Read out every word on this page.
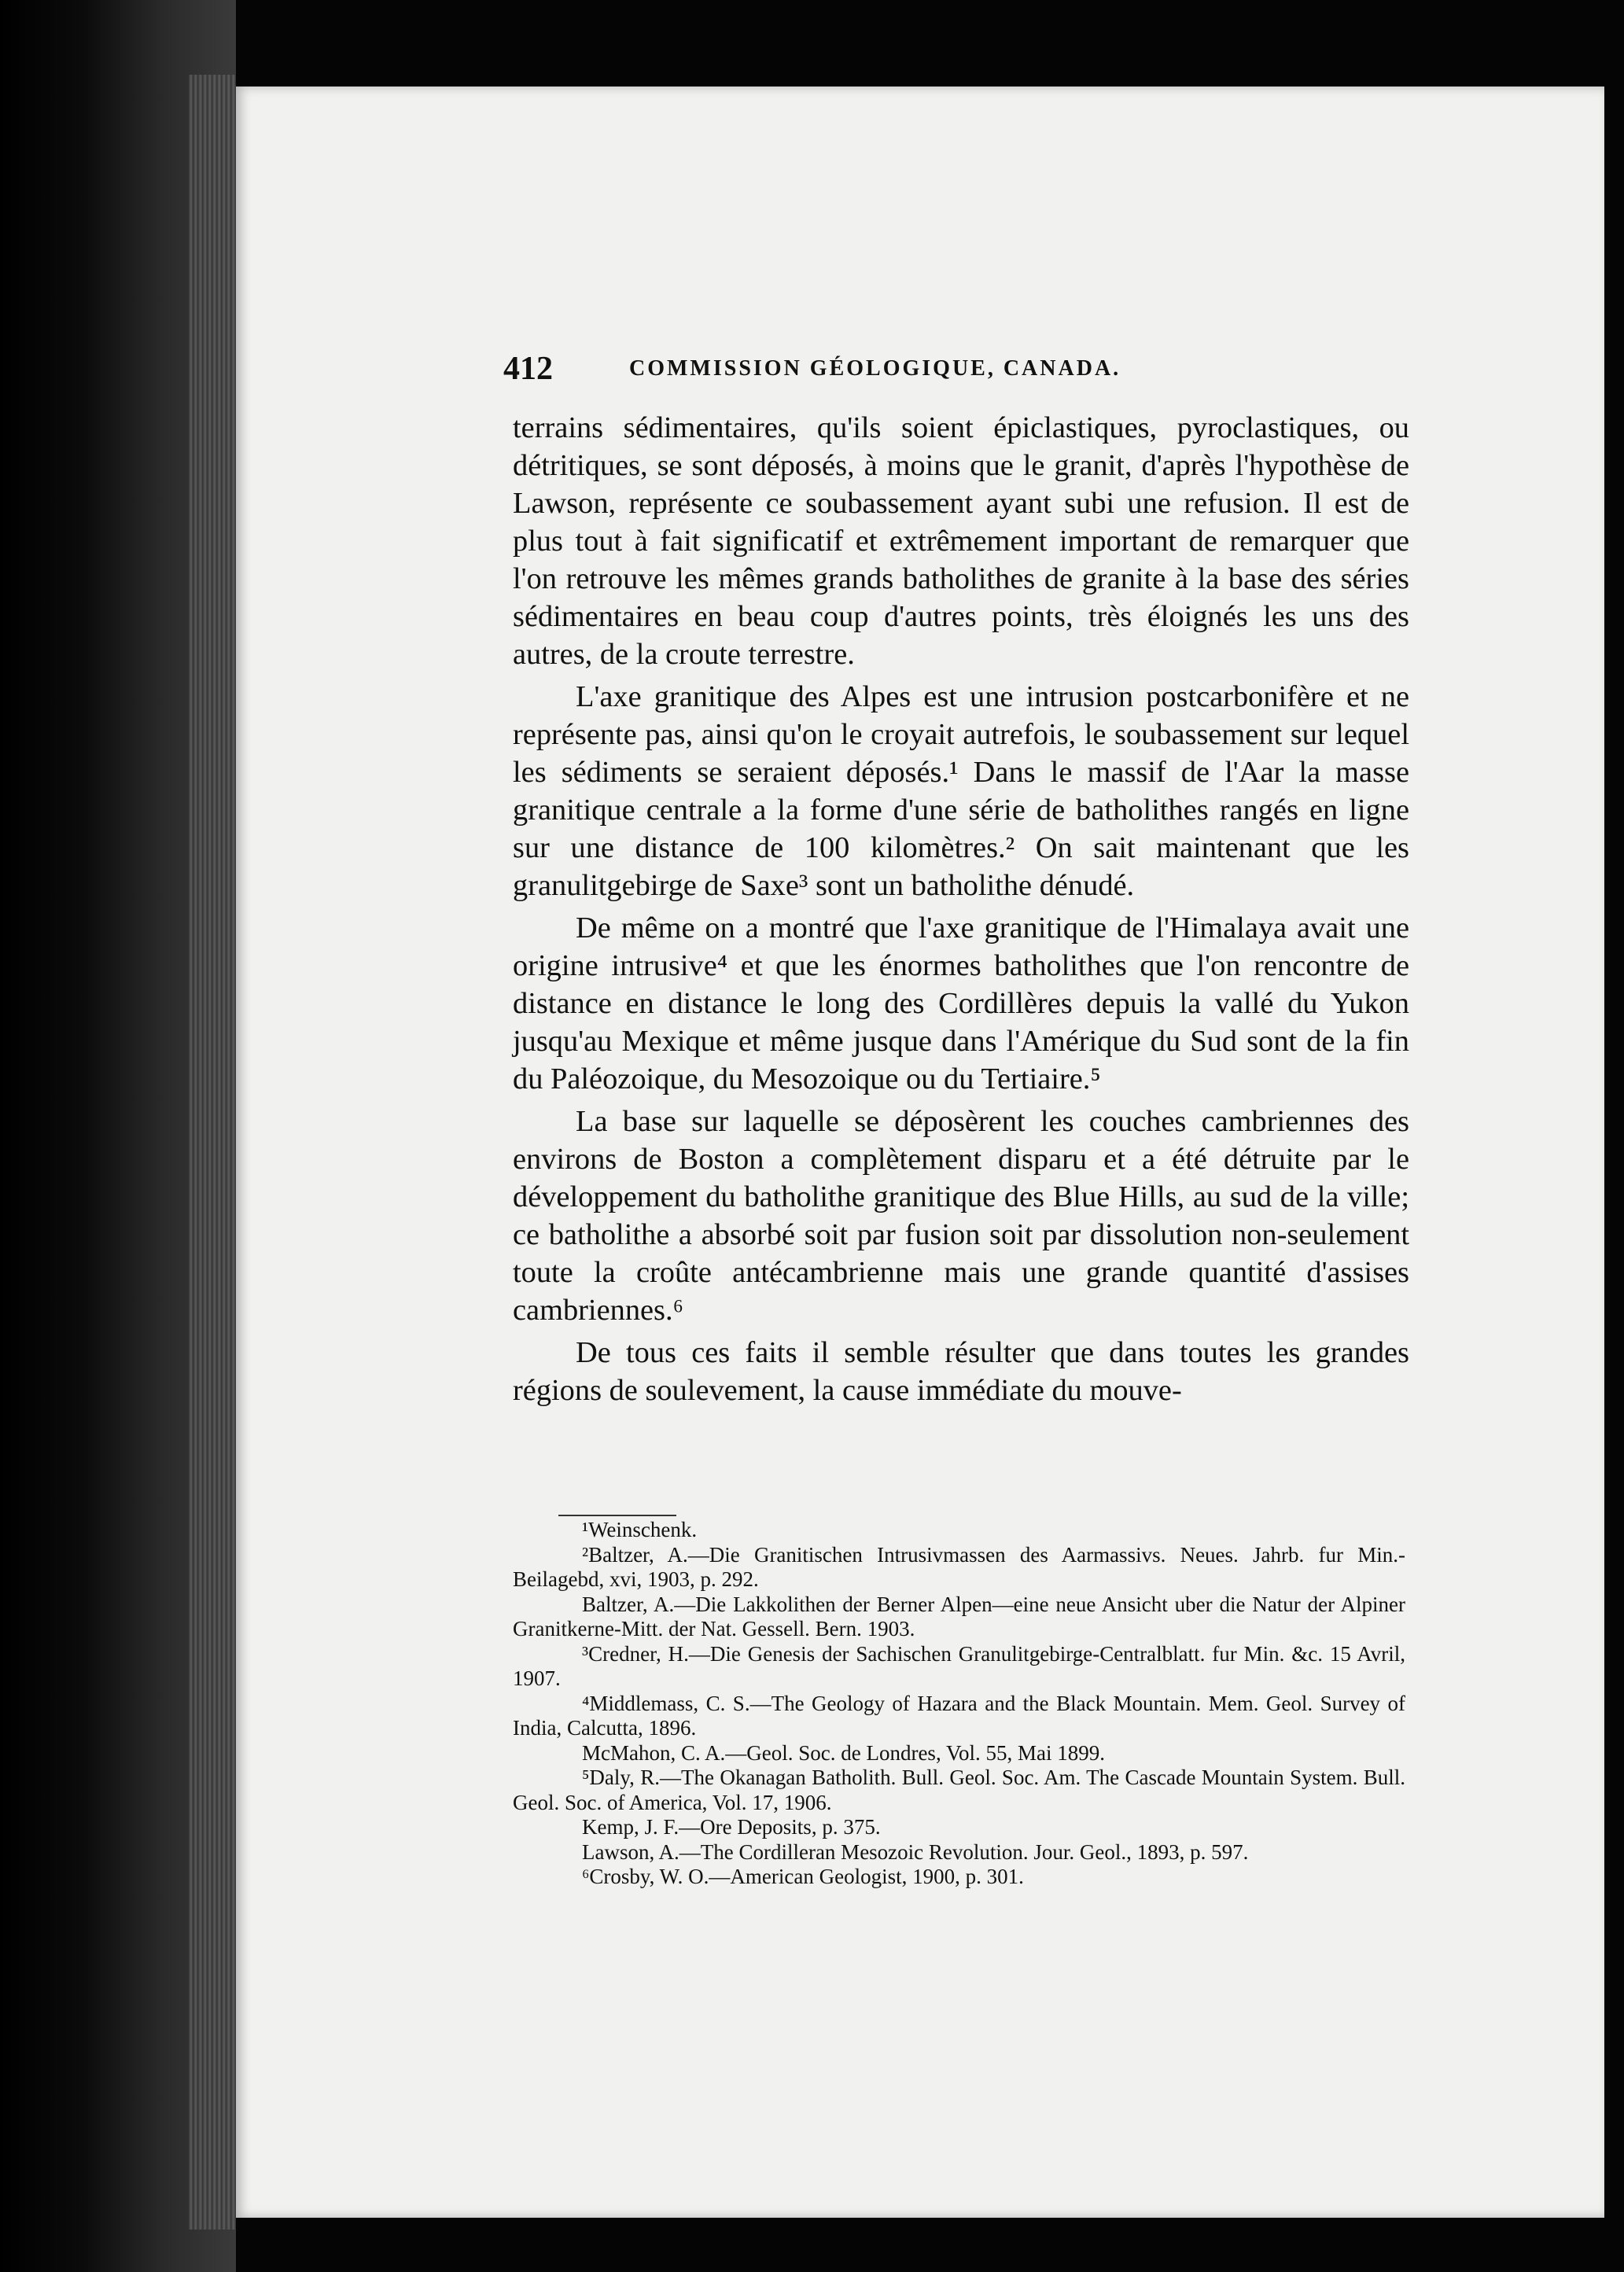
412	COMMISSION GÉOLOGIQUE, CANADA.

terrains sédimentaires, qu'ils soient épiclastiques, pyroclastiques, ou détritiques, se sont déposés, à moins que le granit, d'après l'hypothèse de Lawson, représente ce soubassement ayant subi une refusion. Il est de plus tout à fait significatif et extrêmement important de remarquer que l'on retrouve les mêmes grands batholithes de granite à la base des séries sédimentaires en beau coup d'autres points, très éloignés les uns des autres, de la croute terrestre.

L'axe granitique des Alpes est une intrusion postcarbonifère et ne représente pas, ainsi qu'on le croyait autrefois, le soubassement sur lequel les sédiments se seraient déposés.¹ Dans le massif de l'Aar la masse granitique centrale a la forme d'une série de batholithes rangés en ligne sur une distance de 100 kilomètres.² On sait maintenant que les granulitgebirge de Saxe³ sont un batholithe dénudé.

De même on a montré que l'axe granitique de l'Himalaya avait une origine intrusive⁴ et que les énormes batholithes que l'on rencontre de distance en distance le long des Cordillères depuis la vallé du Yukon jusqu'au Mexique et même jusque dans l'Amérique du Sud sont de la fin du Paléozoique, du Mesozoique ou du Tertiaire.⁵

La base sur laquelle se déposèrent les couches cambriennes des environs de Boston a complètement disparu et a été détruite par le développement du batholithe granitique des Blue Hills, au sud de la ville; ce batholithe a absorbé soit par fusion soit par dissolution non-seulement toute la croûte antécambrienne mais une grande quantité d'assises cambriennes.⁶

De tous ces faits il semble résulter que dans toutes les grandes régions de soulevement, la cause immédiate du mouve-

¹Weinschenk.

²Baltzer, A.—Die Granitischen Intrusivmassen des Aarmassivs. Neues. Jahrb. fur Min.-Beilagebd, xvi, 1903, p. 292.

Baltzer, A.—Die Lakkolithen der Berner Alpen—eine neue Ansicht uber die Natur der Alpiner Granitkerne-Mitt. der Nat. Gessell. Bern. 1903.

³Credner, H.—Die Genesis der Sachischen Granulitgebirge-Centralblatt. fur Min. &c. 15 Avril, 1907.

⁴Middlemass, C. S.—The Geology of Hazara and the Black Mountain. Mem. Geol. Survey of India, Calcutta, 1896.

McMahon, C. A.—Geol. Soc. de Londres, Vol. 55, Mai 1899.

⁵Daly, R.—The Okanagan Batholith. Bull. Geol. Soc. Am. The Cascade Mountain System. Bull. Geol. Soc. of America, Vol. 17, 1906.

Kemp, J. F.—Ore Deposits, p. 375.

Lawson, A.—The Cordilleran Mesozoic Revolution. Jour. Geol., 1893, p. 597.

⁶Crosby, W. O.—American Geologist, 1900, p. 301.
